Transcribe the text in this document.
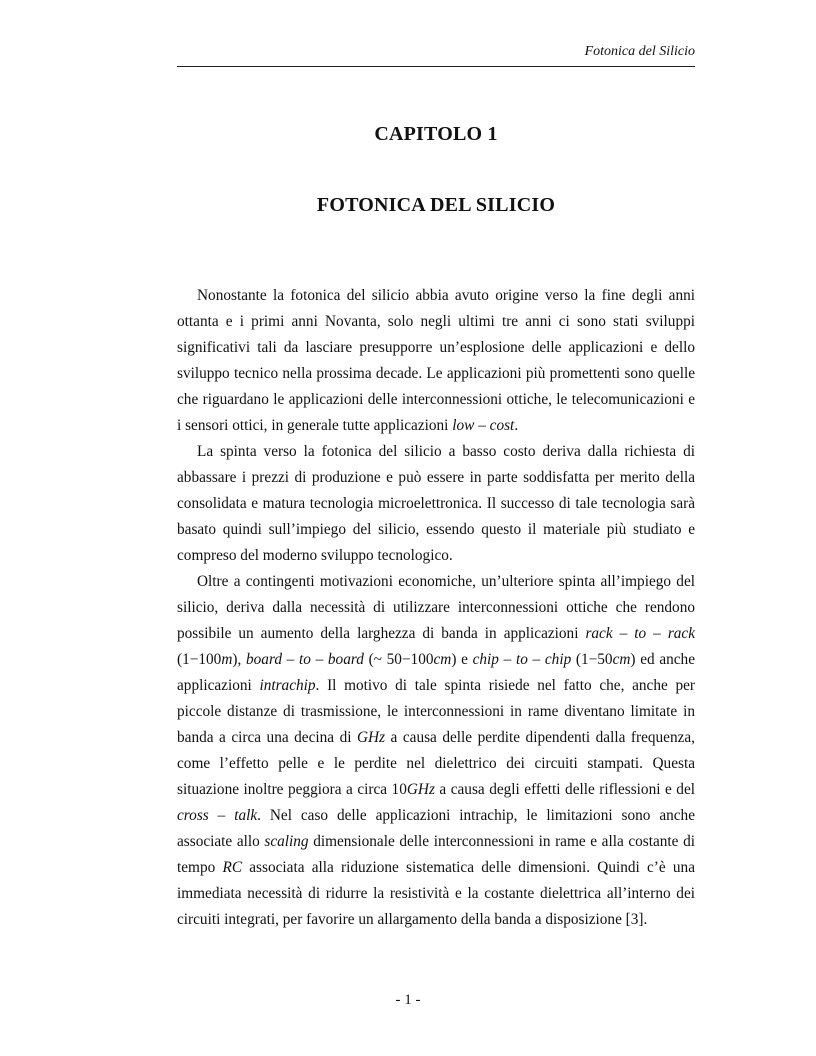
Fotonica del Silicio
CAPITOLO 1
FOTONICA DEL SILICIO

Nonostante la fotonica del silicio abbia avuto origine verso la fine degli anni ottanta e i primi anni Novanta, solo negli ultimi tre anni ci sono stati sviluppi significativi tali da lasciare presupporre un’esplosione delle applicazioni e dello sviluppo tecnico nella prossima decade. Le applicazioni più promettenti sono quelle che riguardano le applicazioni delle interconnessioni ottiche, le telecomunicazioni e i sensori ottici, in generale tutte applicazioni low – cost.

La spinta verso la fotonica del silicio a basso costo deriva dalla richiesta di abbassare i prezzi di produzione e può essere in parte soddisfatta per merito della consolidata e matura tecnologia microelettronica. Il successo di tale tecnologia sarà basato quindi sull’impiego del silicio, essendo questo il materiale più studiato e compreso del moderno sviluppo tecnologico.

Oltre a contingenti motivazioni economiche, un’ulteriore spinta all’impiego del silicio, deriva dalla necessità di utilizzare interconnessioni ottiche che rendono possibile un aumento della larghezza di banda in applicazioni rack – to – rack (1−100m), board – to – board (~ 50−100cm) e chip – to – chip (1−50cm) ed anche applicazioni intrachip. Il motivo di tale spinta risiede nel fatto che, anche per piccole distanze di trasmissione, le interconnessioni in rame diventano limitate in banda a circa una decina di GHz a causa delle perdite dipendenti dalla frequenza, come l’effetto pelle e le perdite nel dielettrico dei circuiti stampati. Questa situazione inoltre peggiora a circa 10GHz a causa degli effetti delle riflessioni e del cross – talk. Nel caso delle applicazioni intrachip, le limitazioni sono anche associate allo scaling dimensionale delle interconnessioni in rame e alla costante di tempo RC associata alla riduzione sistematica delle dimensioni. Quindi c’è una immediata necessità di ridurre la resistività e la costante dielettrica all’interno dei circuiti integrati, per favorire un allargamento della banda a disposizione [3].

- 1 -
